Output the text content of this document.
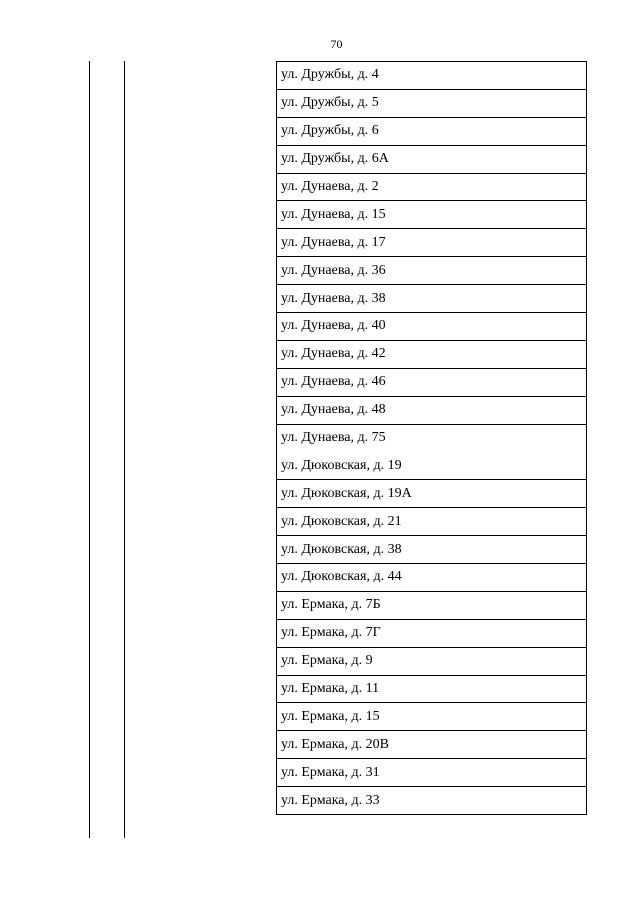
70
ул. Дружбы, д. 4
ул. Дружбы, д. 5
ул. Дружбы, д. 6
ул. Дружбы, д. 6А
ул. Дунаева, д. 2
ул. Дунаева, д. 15
ул. Дунаева, д. 17
ул. Дунаева, д. 36
ул. Дунаева, д. 38
ул. Дунаева, д. 40
ул. Дунаева, д. 42
ул. Дунаева, д. 46
ул. Дунаева, д. 48
ул. Дунаева, д. 75
ул. Дюковская, д. 19
ул. Дюковская, д. 19А
ул. Дюковская, д. 21
ул. Дюковская, д. 38
ул. Дюковская, д. 44
ул. Ермака, д. 7Б
ул. Ермака, д. 7Г
ул. Ермака, д. 9
ул. Ермака, д. 11
ул. Ермака, д. 15
ул. Ермака, д. 20В
ул. Ермака, д. 31
ул. Ермака, д. 33
